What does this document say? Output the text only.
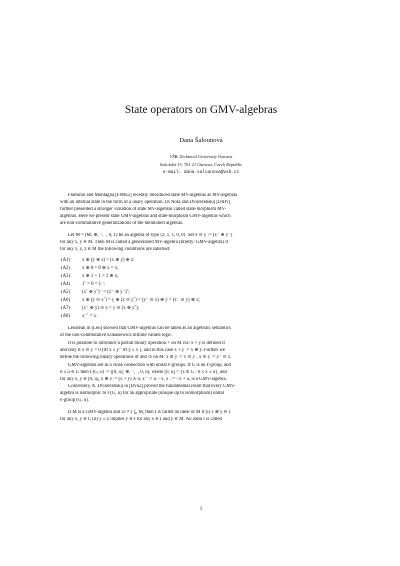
State operators on GMV-algebras
Dana Šalounová
VŠB–Technical University Ostrava
Sokolská 33, 701 21 Ostrava, Czech Republic
e-mail: dana.salounova@vsb.cz
Flaminio and Montagna [FlMo2] recently introduced state MV-algebras as MV-algebras
with an internal state in the form of a unary operation. Di Nola and Dvurečenskij [DiDv]
further presented a stronger variation of state MV-algebras called state-morphism MV-
algebras. Here we present state GMV-algebras and state-morphism GMV-algebras which
are non-commutative generalizations of the mentioned algebras.
Let M = (M; ⊕, ⁻, ˜, 0, 1) be an algebra of type ⟨2, 1, 1, 0, 0⟩. Set x ⊙ y := (x⁻ ⊕ y⁻)˜
for any x, y ∈ M. Then M is called a generalized MV-algebra (briefly: GMV-algebra) if
for any x, y, z ∈ M the following conditions are satisfied:
(A1) x ⊕ (y ⊕ z) = (x ⊕ y) ⊕ z;
(A2) x ⊕ 0 = 0 ⊕ x = x;
(A3) x ⊕ 1 = 1 = 1 ⊕ x;
(A4) 1˜ = 0 = 1⁻;
(A5) (x˜ ⊕ y˜)⁻ = (x⁻ ⊕ y⁻)˜;
(A6) x ⊕ (y ⊙ x˜) = y ⊕ (x ⊙ y˜) = (y⁻ ⊙ x) ⊕ y = (x⁻ ⊙ y) ⊕ x;
(A7) (x⁻ ⊕ y) ⊙ x = y ⊙ (x ⊕ y˜);
(A8) x⁻˜ = x.
Leustean in [Leu] showed that GMV-algebras can be taken as an algebraic semantics
of the non-commutative Łukasiewicz infinite valued logic.
It is possible to introduce a partial binary operation + on M via: x + y is defined if
and only if x ⊙ y = 0 (iff x ≤ y⁻ iff y ≤ x˜), and in this case x + y := x ⊕ y. Further we
define the following binary operations ⊘ and ⊙ on M: x ⊘ y := x ⊙ y˜, x ⊙ y := y⁻ ⊙ x.
GMV-algebras are in a close connection with unital ℓ-groups. If G is an ℓ-group, and
0 ≤ u ∈ G then Γ(G, u) := ([0, u]; ⊕, ⁻, ˜, 0, u), where [0, u] = {x ∈ G : 0 ≤ x ≤ u}, and
for any x, y ∈ [0, u], x ⊕ y := (x + y) ∧ u, x⁻ := u − x, x˜ := −x + u, is a GMV-algebra.
Conversely, A. Dvurečenskij in [Dvu2] proved the fundamental result that every GMV-
algebra is isomorphic to Γ(G, u) for an appropriate (unique up to isomorphism) unital
ℓ-group (G, u).
If M is a GMV-algebra and ∅ ≠ I ⊆ M, then I is called an ideal of M if (i) x ⊕ y ∈ I
for any x, y ∈ I; (ii) y ≤ x implies y ∈ I for any x ∈ I and y ∈ M. An ideal I is called
1
